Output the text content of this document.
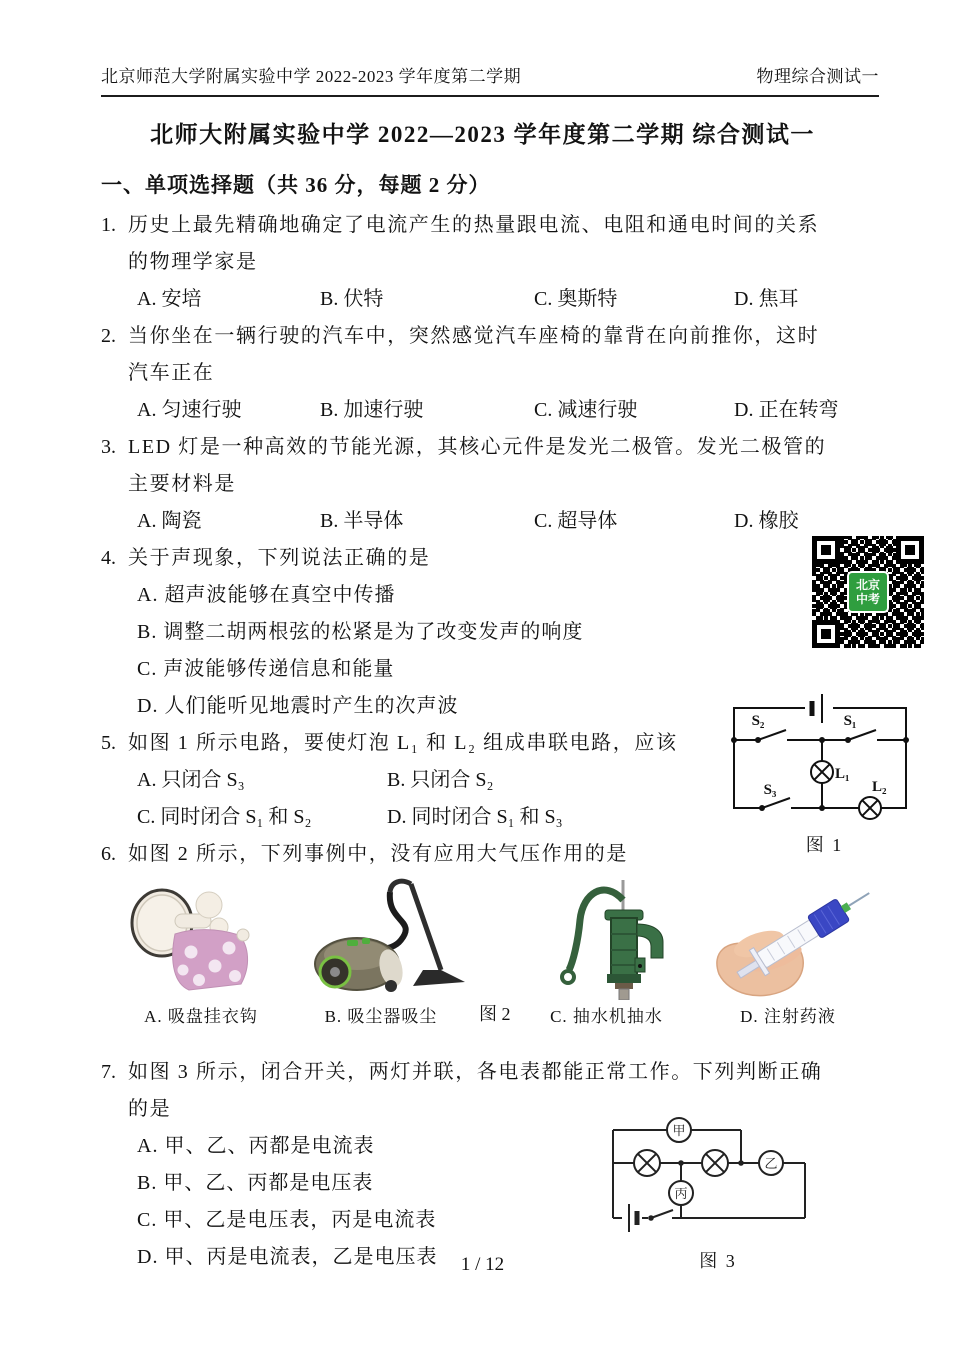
北京师范大学附属实验中学 2022-2023 学年度第二学期	物理综合测试一
北师大附属实验中学 2022—2023 学年度第二学期 综合测试一
一、单项选择题（共 36 分，每题 2 分）
1. 历史上最先精确地确定了电流产生的热量跟电流、电阻和通电时间的关系
的物理学家是
A. 安培	B. 伏特	C. 奥斯特	D. 焦耳
2. 当你坐在一辆行驶的汽车中，突然感觉汽车座椅的靠背在向前推你，这时
汽车正在
A. 匀速行驶	B. 加速行驶	C. 减速行驶	D. 正在转弯
3. LED 灯是一种高效的节能光源，其核心元件是发光二极管。发光二极管的
主要材料是
A. 陶瓷	B. 半导体	C. 超导体	D. 橡胶
4. 关于声现象，下列说法正确的是
A. 超声波能够在真空中传播
B. 调整二胡两根弦的松紧是为了改变发声的响度
C. 声波能够传递信息和能量
D. 人们能听见地震时产生的次声波
5. 如图 1 所示电路，要使灯泡 L₁ 和 L₂ 组成串联电路，应该
A. 只闭合 S₃	B. 只闭合 S₂
C. 同时闭合 S₁ 和 S₂	D. 同时闭合 S₁ 和 S₃
6. 如图 2 所示，下列事例中，没有应用大气压作用的是
A. 吸盘挂衣钩	B. 吸尘器吸尘 图 2 C. 抽水机抽水	D. 注射药液
7. 如图 3 所示，闭合开关，两灯并联，各电表都能正常工作。下列判断正确
的是
A. 甲、乙、丙都是电流表
B. 甲、乙、丙都是电压表
C. 甲、乙是电压表，丙是电流表
D. 甲、丙是电流表，乙是电压表
北京
中考
S₂	S₁
S₃
L₁
L₂
图 1
甲
乙
丙
图 3
1 / 12
